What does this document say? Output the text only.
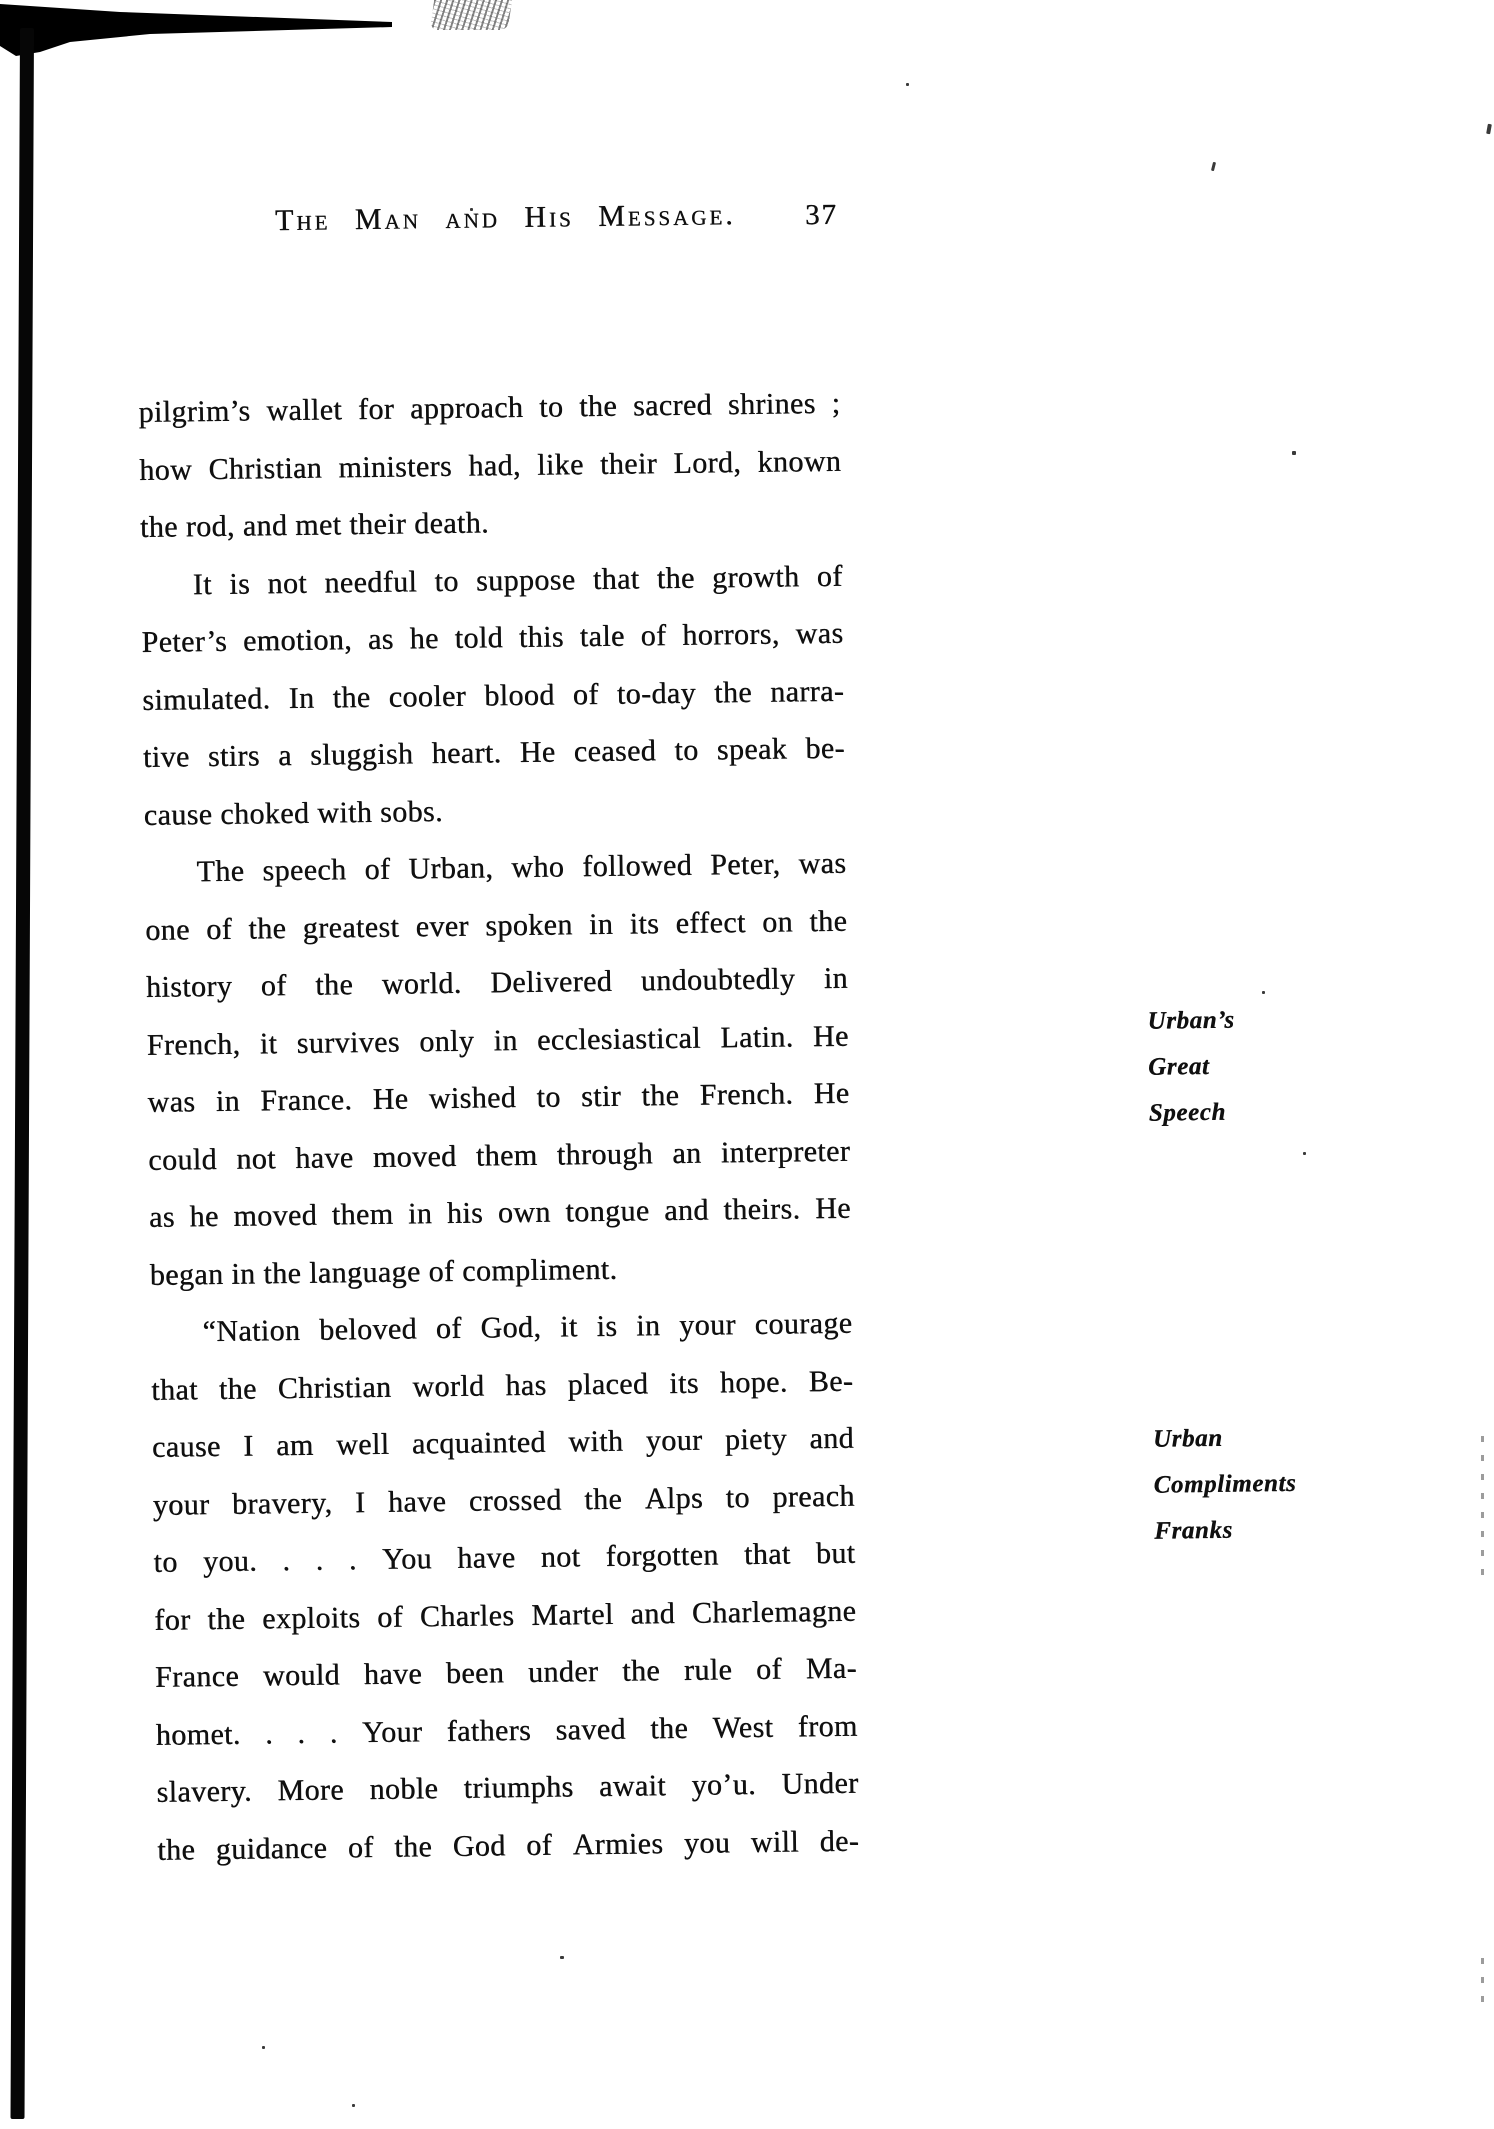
The Man and His Message. 37
pilgrim’s wallet for approach to the sacred shrines ;
how Christian ministers had, like their Lord, known
the rod, and met their death.
It is not needful to suppose that the growth of
Peter’s emotion, as he told this tale of horrors, was
simulated. In the cooler blood of to-day the narra-
tive stirs a sluggish heart. He ceased to speak be-
cause choked with sobs.
The speech of Urban, who followed Peter, was
one of the greatest ever spoken in its effect on the
history of the world. Delivered undoubtedly in
French, it survives only in ecclesiastical Latin. He
was in France. He wished to stir the French. He
could not have moved them through an interpreter
as he moved them in his own tongue and theirs. He
began in the language of compliment.
“Nation beloved of God, it is in your courage
that the Christian world has placed its hope. Be-
cause I am well acquainted with your piety and
your bravery, I have crossed the Alps to preach
to you. . . . You have not forgotten that but
for the exploits of Charles Martel and Charlemagne
France would have been under the rule of Ma-
homet. . . . Your fathers saved the West from
slavery. More noble triumphs await yo’u. Under
the guidance of the God of Armies you will de-
Urban’s
Great
Speech
Urban
Compliments
Franks
